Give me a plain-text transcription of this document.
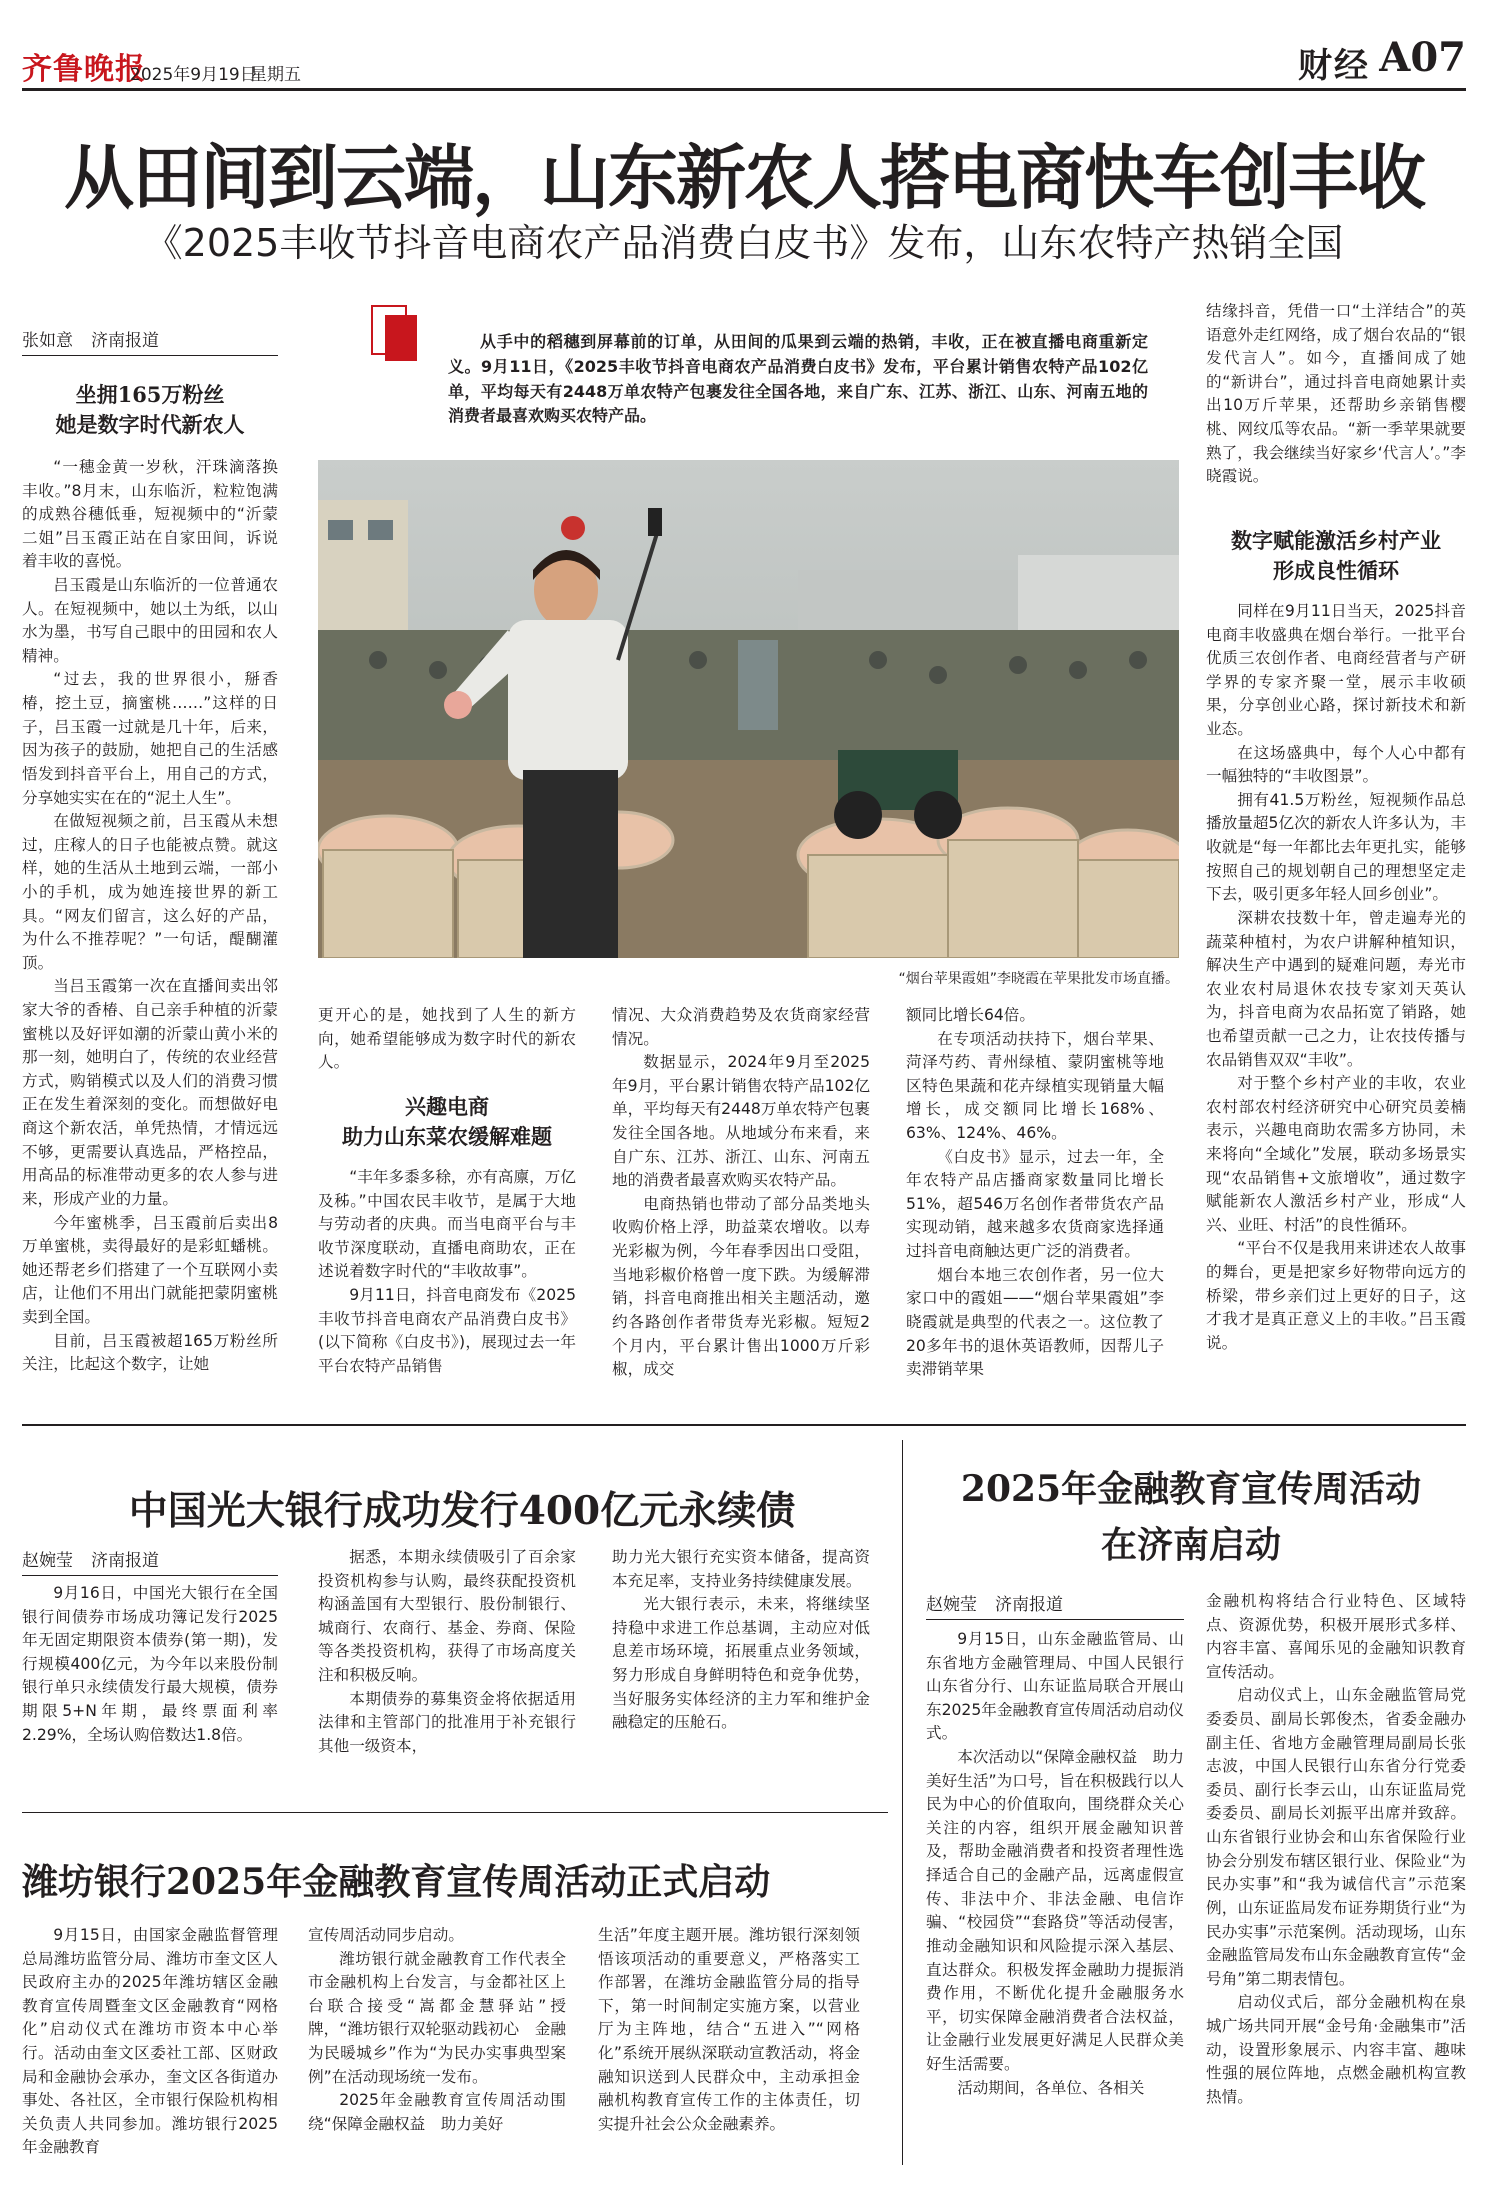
齐鲁晚报
2025年9月19日
星期五	财经 A07
从田间到云端，山东新农人搭电商快车创丰收
《2025丰收节抖音电商农产品消费白皮书》发布，山东农特产热销全国
张如意 济南报道
坐拥165万粉丝
她是数字时代新农人

“一穗金黄一岁秋，汗珠滴落换丰收。”8月末，山东临沂，粒粒饱满的成熟谷穗低垂，短视频中的“沂蒙二姐”吕玉霞正站在自家田间，诉说着丰收的喜悦。

吕玉霞是山东临沂的一位普通农人。在短视频中，她以土为纸，以山水为墨，书写自己眼中的田园和农人精神。

“过去，我的世界很小，掰香椿，挖土豆，摘蜜桃……”这样的日子，吕玉霞一过就是几十年，后来，因为孩子的鼓励，她把自己的生活感悟发到抖音平台上，用自己的方式，分享她实实在在的“泥土人生”。

在做短视频之前，吕玉霞从未想过，庄稼人的日子也能被点赞。就这样，她的生活从土地到云端，一部小小的手机，成为她连接世界的新工具。“网友们留言，这么好的产品，为什么不推荐呢？”一句话，醍醐灌顶。

当吕玉霞第一次在直播间卖出邻家大爷的香椿、自己亲手种植的沂蒙蜜桃以及好评如潮的沂蒙山黄小米的那一刻，她明白了，传统的农业经营方式，购销模式以及人们的消费习惯正在发生着深刻的变化。而想做好电商这个新农活，单凭热情，才情远远不够，更需要认真选品，严格控品，用高品的标准带动更多的农人参与进来，形成产业的力量。

今年蜜桃季，吕玉霞前后卖出8万单蜜桃，卖得最好的是彩虹蟠桃。她还帮老乡们搭建了一个互联网小卖店，让他们不用出门就能把蒙阴蜜桃卖到全国。

目前，吕玉霞被超165万粉丝所关注，比起这个数字，让她

从手中的稻穗到屏幕前的订单，从田间的瓜果到云端的热销，丰收，正在被直播电商重新定义。9月11日，《2025丰收节抖音电商农产品消费白皮书》发布，平台累计销售农特产品102亿单，平均每天有2448万单农特产包裹发往全国各地，来自广东、江苏、浙江、山东、河南五地的消费者最喜欢购买农特产品。
“烟台苹果霞姐”李晓霞在苹果批发市场直播。

更开心的是，她找到了人生的新方向，她希望能够成为数字时代的新农人。

兴趣电商
助力山东菜农缓解难题

“丰年多黍多稌，亦有高廪，万亿及秭。”中国农民丰收节，是属于大地与劳动者的庆典。而当电商平台与丰收节深度联动，直播电商助农，正在述说着数字时代的“丰收故事”。

9月11日，抖音电商发布《2025丰收节抖音电商农产品消费白皮书》(以下简称《白皮书》)，展现过去一年平台农特产品销售

情况、大众消费趋势及农货商家经营情况。

数据显示，2024年9月至2025年9月，平台累计销售农特产品102亿单，平均每天有2448万单农特产包裹发往全国各地。从地域分布来看，来自广东、江苏、浙江、山东、河南五地的消费者最喜欢购买农特产品。

电商热销也带动了部分品类地头收购价格上浮，助益菜农增收。以寿光彩椒为例，今年春季因出口受阻，当地彩椒价格曾一度下跌。为缓解滞销，抖音电商推出相关主题活动，邀约各路创作者带货寿光彩椒。短短2个月内，平台累计售出1000万斤彩椒，成交

额同比增长64倍。

在专项活动扶持下，烟台苹果、菏泽芍药、青州绿植、蒙阴蜜桃等地区特色果蔬和花卉绿植实现销量大幅增长，成交额同比增长168%、63%、124%、46%。

《白皮书》显示，过去一年，全年农特产品店播商家数量同比增长51%，超546万名创作者带货农产品实现动销，越来越多农货商家选择通过抖音电商触达更广泛的消费者。

烟台本地三农创作者，另一位大家口中的霞姐——“烟台苹果霞姐”李晓霞就是典型的代表之一。这位教了20多年书的退休英语教师，因帮儿子卖滞销苹果

结缘抖音，凭借一口“土洋结合”的英语意外走红网络，成了烟台农品的“银发代言人”。如今，直播间成了她的“新讲台”，通过抖音电商她累计卖出10万斤苹果，还帮助乡亲销售樱桃、网纹瓜等农品。“新一季苹果就要熟了，我会继续当好家乡‘代言人’。”李晓霞说。

数字赋能激活乡村产业
形成良性循环

同样在9月11日当天，2025抖音电商丰收盛典在烟台举行。一批平台优质三农创作者、电商经营者与产研学界的专家齐聚一堂，展示丰收硕果，分享创业心路，探讨新技术和新业态。

在这场盛典中，每个人心中都有一幅独特的“丰收图景”。

拥有41.5万粉丝，短视频作品总播放量超5亿次的新农人许多认为，丰收就是“每一年都比去年更扎实，能够按照自己的规划朝自己的理想坚定走下去，吸引更多年轻人回乡创业”。

深耕农技数十年，曾走遍寿光的蔬菜种植村，为农户讲解种植知识，解决生产中遇到的疑难问题，寿光市农业农村局退休农技专家刘天英认为，抖音电商为农品拓宽了销路，她也希望贡献一己之力，让农技传播与农品销售双双“丰收”。

对于整个乡村产业的丰收，农业农村部农村经济研究中心研究员姜楠表示，兴趣电商助农需多方协同，未来将向“全域化”发展，联动多场景实现“农品销售+文旅增收”，通过数字赋能新农人激活乡村产业，形成“人兴、业旺、村活”的良性循环。

“平台不仅是我用来讲述农人故事的舞台，更是把家乡好物带向远方的桥梁，带乡亲们过上更好的日子，这才我才是真正意义上的丰收。”吕玉霞说。

中国光大银行成功发行400亿元永续债
赵婉莹 济南报道

9月16日，中国光大银行在全国银行间债券市场成功簿记发行2025年无固定期限资本债券(第一期)，发行规模400亿元，为今年以来股份制银行单只永续债发行最大规模，债券期限5+N年期，最终票面利率2.29%，全场认购倍数达1.8倍。

据悉，本期永续债吸引了百余家投资机构参与认购，最终获配投资机构涵盖国有大型银行、股份制银行、城商行、农商行、基金、券商、保险等各类投资机构，获得了市场高度关注和积极反响。

本期债券的募集资金将依据适用法律和主管部门的批准用于补充银行其他一级资本，

助力光大银行充实资本储备，提高资本充足率，支持业务持续健康发展。

光大银行表示，未来，将继续坚持稳中求进工作总基调，主动应对低息差市场环境，拓展重点业务领域，努力形成自身鲜明特色和竞争优势，当好服务实体经济的主力军和维护金融稳定的压舱石。

潍坊银行2025年金融教育宣传周活动正式启动

9月15日，由国家金融监督管理总局潍坊监管分局、潍坊市奎文区人民政府主办的2025年潍坊辖区金融教育宣传周暨奎文区金融教育“网格化”启动仪式在潍坊市资本中心举行。活动由奎文区委社工部、区财政局和金融协会承办，奎文区各街道办事处、各社区，全市银行保险机构相关负责人共同参加。潍坊银行2025年金融教育

宣传周活动同步启动。

潍坊银行就金融教育工作代表全市金融机构上台发言，与金都社区上台联合接受“嵩都金慧驿站”授牌，“潍坊银行双轮驱动践初心　金融为民暖城乡”作为“为民办实事典型案例”在活动现场统一发布。

2025年金融教育宣传周活动围绕“保障金融权益　助力美好

生活”年度主题开展。潍坊银行深刻领悟该项活动的重要意义，严格落实工作部署，在潍坊金融监管分局的指导下，第一时间制定实施方案，以营业厅为主阵地，结合“五进入”“网格化”系统开展纵深联动宣教活动，将金融知识送到人民群众中，主动承担金融机构教育宣传工作的主体责任，切实提升社会公众金融素养。

2025年金融教育宣传周活动
在济南启动
赵婉莹 济南报道

9月15日，山东金融监管局、山东省地方金融管理局、中国人民银行山东省分行、山东证监局联合开展山东2025年金融教育宣传周活动启动仪式。

本次活动以“保障金融权益　助力美好生活”为口号，旨在积极践行以人民为中心的价值取向，围绕群众关心关注的内容，组织开展金融知识普及，帮助金融消费者和投资者理性选择适合自己的金融产品，远离虚假宣传、非法中介、非法金融、电信诈骗、“校园贷”“套路贷”等活动侵害，推动金融知识和风险提示深入基层、直达群众。积极发挥金融助力提振消费作用，不断优化提升金融服务水平，切实保障金融消费者合法权益，让金融行业发展更好满足人民群众美好生活需要。

活动期间，各单位、各相关

金融机构将结合行业特色、区域特点、资源优势，积极开展形式多样、内容丰富、喜闻乐见的金融知识教育宣传活动。

启动仪式上，山东金融监管局党委委员、副局长郭俊杰，省委金融办副主任、省地方金融管理局副局长张志波，中国人民银行山东省分行党委委员、副行长李云山，山东证监局党委委员、副局长刘振平出席并致辞。山东省银行业协会和山东省保险行业协会分别发布辖区银行业、保险业“为民办实事”和“我为诚信代言”示范案例，山东证监局发布证券期货行业“为民办实事”示范案例。活动现场，山东金融监管局发布山东金融教育宣传“金号角”第二期表情包。

启动仪式后，部分金融机构在泉城广场共同开展“金号角·金融集市”活动，设置形象展示、内容丰富、趣味性强的展位阵地，点燃金融机构宣教热情。
